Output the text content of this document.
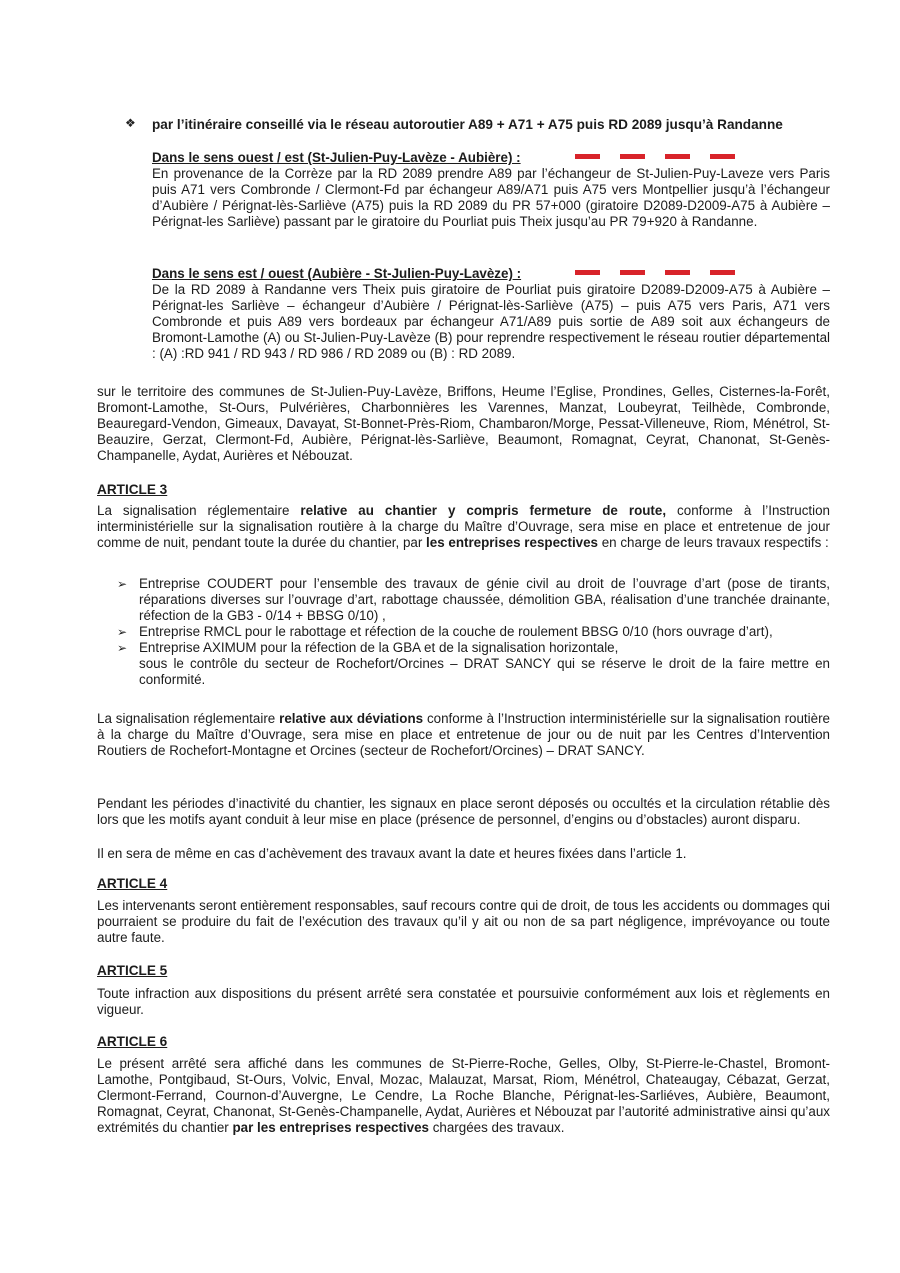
❖ par l’itinéraire conseillé via le réseau autoroutier A89 + A71 + A75 puis RD 2089 jusqu’à Randanne
Dans le sens ouest / est (St-Julien-Puy-Lavèze - Aubière) :
En provenance de la Corrèze par la RD 2089 prendre A89 par l’échangeur de St-Julien-Puy-Laveze vers Paris puis A71 vers Combronde / Clermont-Fd par échangeur A89/A71 puis A75 vers Montpellier jusqu’à l’échangeur d’Aubière / Pérignat-lès-Sarliève (A75) puis la RD 2089 du PR 57+000 (giratoire D2089-D2009-A75 à Aubière – Pérignat-les Sarliève) passant par le giratoire du Pourliat puis Theix jusqu’au PR 79+920 à Randanne.
Dans le sens est / ouest (Aubière - St-Julien-Puy-Lavèze) :
De la RD 2089 à Randanne vers Theix puis giratoire de Pourliat puis giratoire D2089-D2009-A75 à Aubière – Pérignat-les Sarliève – échangeur d’Aubière / Pérignat-lès-Sarliève (A75) – puis A75 vers Paris, A71 vers Combronde et puis A89 vers bordeaux par échangeur A71/A89 puis sortie de A89 soit aux échangeurs de Bromont-Lamothe (A) ou St-Julien-Puy-Lavèze (B) pour reprendre respectivement le réseau routier départemental : (A) :RD 941 / RD 943 / RD 986 / RD 2089 ou (B) : RD 2089.

sur le territoire des communes de St-Julien-Puy-Lavèze, Briffons, Heume l’Eglise, Prondines, Gelles, Cisternes-la-Forêt, Bromont-Lamothe, St-Ours, Pulvérières, Charbonnières les Varennes, Manzat, Loubeyrat, Teilhède, Combronde, Beauregard-Vendon, Gimeaux, Davayat, St-Bonnet-Près-Riom, Chambaron/Morge, Pessat-Villeneuve, Riom, Ménétrol, St-Beauzire, Gerzat, Clermont-Fd, Aubière, Pérignat-lès-Sarliève, Beaumont, Romagnat, Ceyrat, Chanonat, St-Genès-Champanelle, Aydat, Aurières et Nébouzat.

ARTICLE 3

La signalisation réglementaire relative au chantier y compris fermeture de route, conforme à l’Instruction interministérielle sur la signalisation routière à la charge du Maître d’Ouvrage, sera mise en place et entretenue de jour comme de nuit, pendant toute la durée du chantier, par les entreprises respectives en charge de leurs travaux respectifs :

➢ Entreprise COUDERT pour l’ensemble des travaux de génie civil au droit de l’ouvrage d’art (pose de tirants, réparations diverses sur l’ouvrage d’art, rabottage chaussée, démolition GBA, réalisation d’une tranchée drainante, réfection de la GB3 - 0/14 + BBSG 0/10) ,
➢ Entreprise RMCL pour le rabottage et réfection de la couche de roulement BBSG 0/10 (hors ouvrage d’art),
➢ Entreprise AXIMUM pour la réfection de la GBA et de la signalisation horizontale,
sous le contrôle du secteur de Rochefort/Orcines – DRAT SANCY qui se réserve le droit de la faire mettre en conformité.

La signalisation réglementaire relative aux déviations conforme à l’Instruction interministérielle sur la signalisation routière à la charge du Maître d’Ouvrage, sera mise en place et entretenue de jour ou de nuit par les Centres d’Intervention Routiers de Rochefort-Montagne et Orcines (secteur de Rochefort/Orcines) – DRAT SANCY.

Pendant les périodes d’inactivité du chantier, les signaux en place seront déposés ou occultés et la circulation rétablie dès lors que les motifs ayant conduit à leur mise en place (présence de personnel, d’engins ou d’obstacles) auront disparu.

Il en sera de même en cas d’achèvement des travaux avant la date et heures fixées dans l’article 1.

ARTICLE 4

Les intervenants seront entièrement responsables, sauf recours contre qui de droit, de tous les accidents ou dommages qui pourraient se produire du fait de l’exécution des travaux qu’il y ait ou non de sa part négligence, imprévoyance ou toute autre faute.

ARTICLE 5

Toute infraction aux dispositions du présent arrêté sera constatée et poursuivie conformément aux lois et règlements en vigueur.

ARTICLE 6

Le présent arrêté sera affiché dans les communes de St-Pierre-Roche, Gelles, Olby, St-Pierre-le-Chastel, Bromont-Lamothe, Pontgibaud, St-Ours, Volvic, Enval, Mozac, Malauzat, Marsat, Riom, Ménétrol, Chateaugay, Cébazat, Gerzat, Clermont-Ferrand, Cournon-d’Auvergne, Le Cendre, La Roche Blanche, Pérignat-les-Sarliéves, Aubière, Beaumont, Romagnat, Ceyrat, Chanonat, St-Genès-Champanelle, Aydat, Aurières et Nébouzat par l’autorité administrative ainsi qu’aux extrémités du chantier par les entreprises respectives chargées des travaux.
